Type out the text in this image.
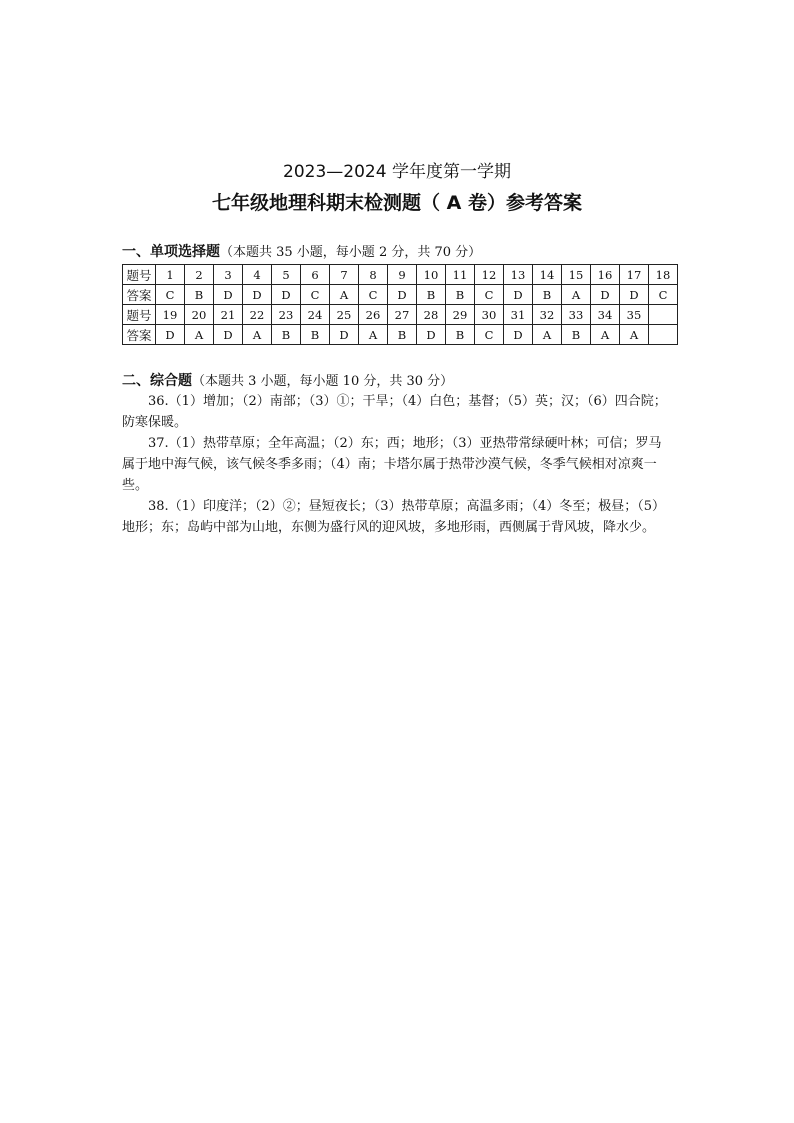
2023—2024 学年度第一学期
七年级地理科期末检测题（ A 卷）参考答案
一、单项选择题（本题共 35 小题，每小题 2 分，共 70 分）
题号	1	2	3	4	5	6	7	8	9	10	11	12	13	14	15	16	17	18
答案	C	B	D	D	D	C	A	C	D	B	B	C	D	B	A	D	D	C
题号	19	20	21	22	23	24	25	26	27	28	29	30	31	32	33	34	35	
答案	D	A	D	A	B	B	D	A	B	D	B	C	D	A	B	A	A	
二、综合题（本题共 3 小题，每小题 10 分，共 30 分）

36.（1）增加；（2）南部；（3）①；干旱；（4）白色；基督；（5）英；汉；（6）四合院；防寒保暖。

37.（1）热带草原；全年高温；（2）东；西；地形；（3）亚热带常绿硬叶林；可信；罗马属于地中海气候，该气候冬季多雨；（4）南；卡塔尔属于热带沙漠气候，冬季气候相对凉爽一些。

38.（1）印度洋；（2）②；昼短夜长；（3）热带草原；高温多雨；（4）冬至；极昼；（5）地形；东；岛屿中部为山地，东侧为盛行风的迎风坡，多地形雨，西侧属于背风坡，降水少。
